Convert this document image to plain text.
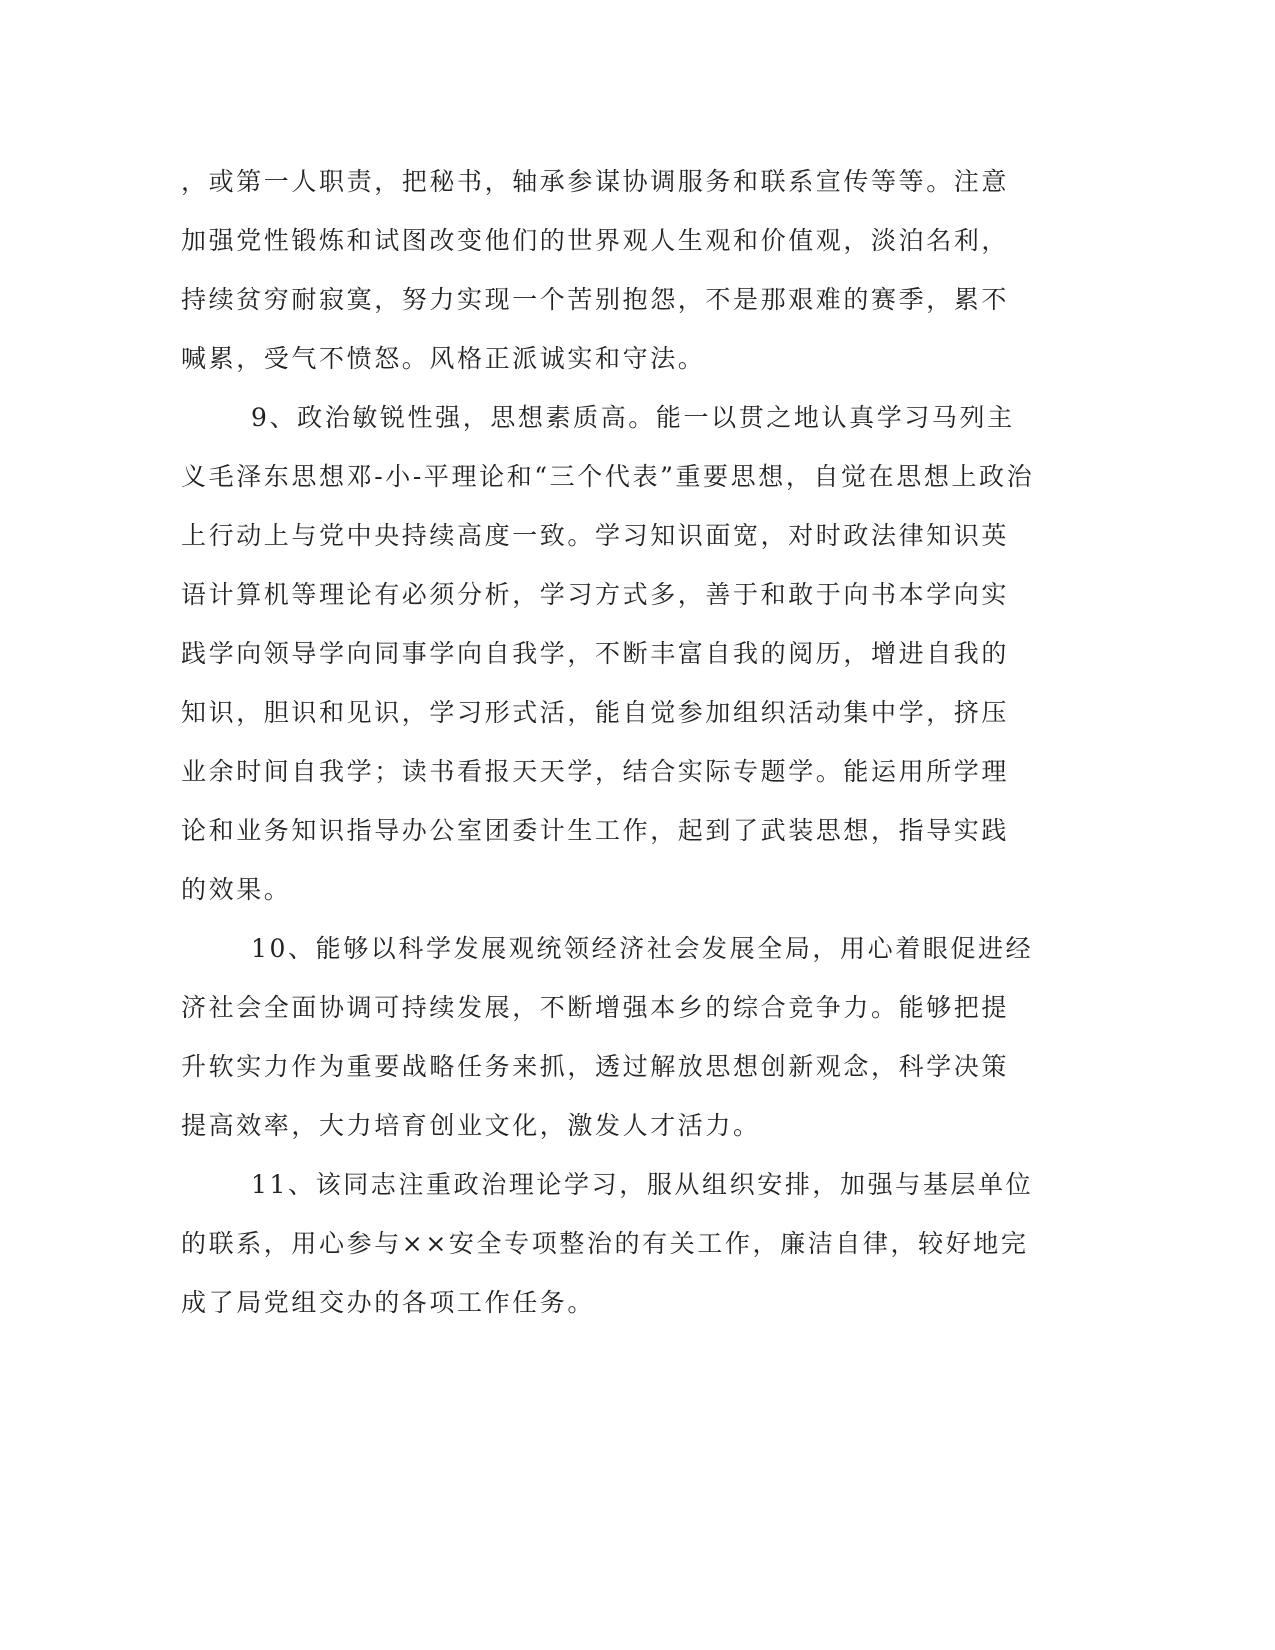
，或第一人职责，把秘书，轴承参谋协调服务和联系宣传等等。注意
加强党性锻炼和试图改变他们的世界观人生观和价值观，淡泊名利，
持续贫穷耐寂寞，努力实现一个苦别抱怨，不是那艰难的赛季，累不
喊累，受气不愤怒。风格正派诚实和守法。
9、政治敏锐性强，思想素质高。能一以贯之地认真学习马列主
义毛泽东思想邓-小-平理论和“三个代表”重要思想，自觉在思想上政治
上行动上与党中央持续高度一致。学习知识面宽，对时政法律知识英
语计算机等理论有必须分析，学习方式多，善于和敢于向书本学向实
践学向领导学向同事学向自我学，不断丰富自我的阅历，增进自我的
知识，胆识和见识，学习形式活，能自觉参加组织活动集中学，挤压
业余时间自我学；读书看报天天学，结合实际专题学。能运用所学理
论和业务知识指导办公室团委计生工作，起到了武装思想，指导实践
的效果。
10、能够以科学发展观统领经济社会发展全局，用心着眼促进经
济社会全面协调可持续发展，不断增强本乡的综合竞争力。能够把提
升软实力作为重要战略任务来抓，透过解放思想创新观念，科学决策
提高效率，大力培育创业文化，激发人才活力。
11、该同志注重政治理论学习，服从组织安排，加强与基层单位
的联系，用心参与××安全专项整治的有关工作，廉洁自律，较好地完
成了局党组交办的各项工作任务。
